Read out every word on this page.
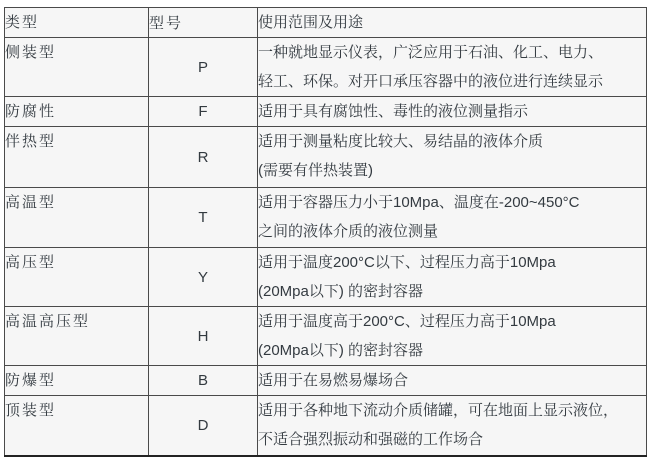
类型	型号	使用范围及用途
侧装型	P	一种就地显示仪表，广泛应用于石油、化工、电力、
轻工、环保。对开口承压容器中的液位进行连续显示

防腐性	F	适用于具有腐蚀性、毒性的液位测量指示

伴热型	R	适用于测量粘度比较大、易结晶的液体介质
(需要有伴热装置)

高温型	T	适用于容器压力小于10Mpa、温度在-200~450°C
之间的液体介质的液位测量

高压型	Y	适用于温度200°C以下、过程压力高于10Mpa
(20Mpa以下) 的密封容器

高温高压型	H	适用于温度高于200°C、过程压力高于10Mpa
(20Mpa以下) 的密封容器

防爆型	B	适用于在易燃易爆场合

顶装型	D	适用于各种地下流动介质储罐，可在地面上显示液位，
不适合强烈振动和强磁的工作场合
